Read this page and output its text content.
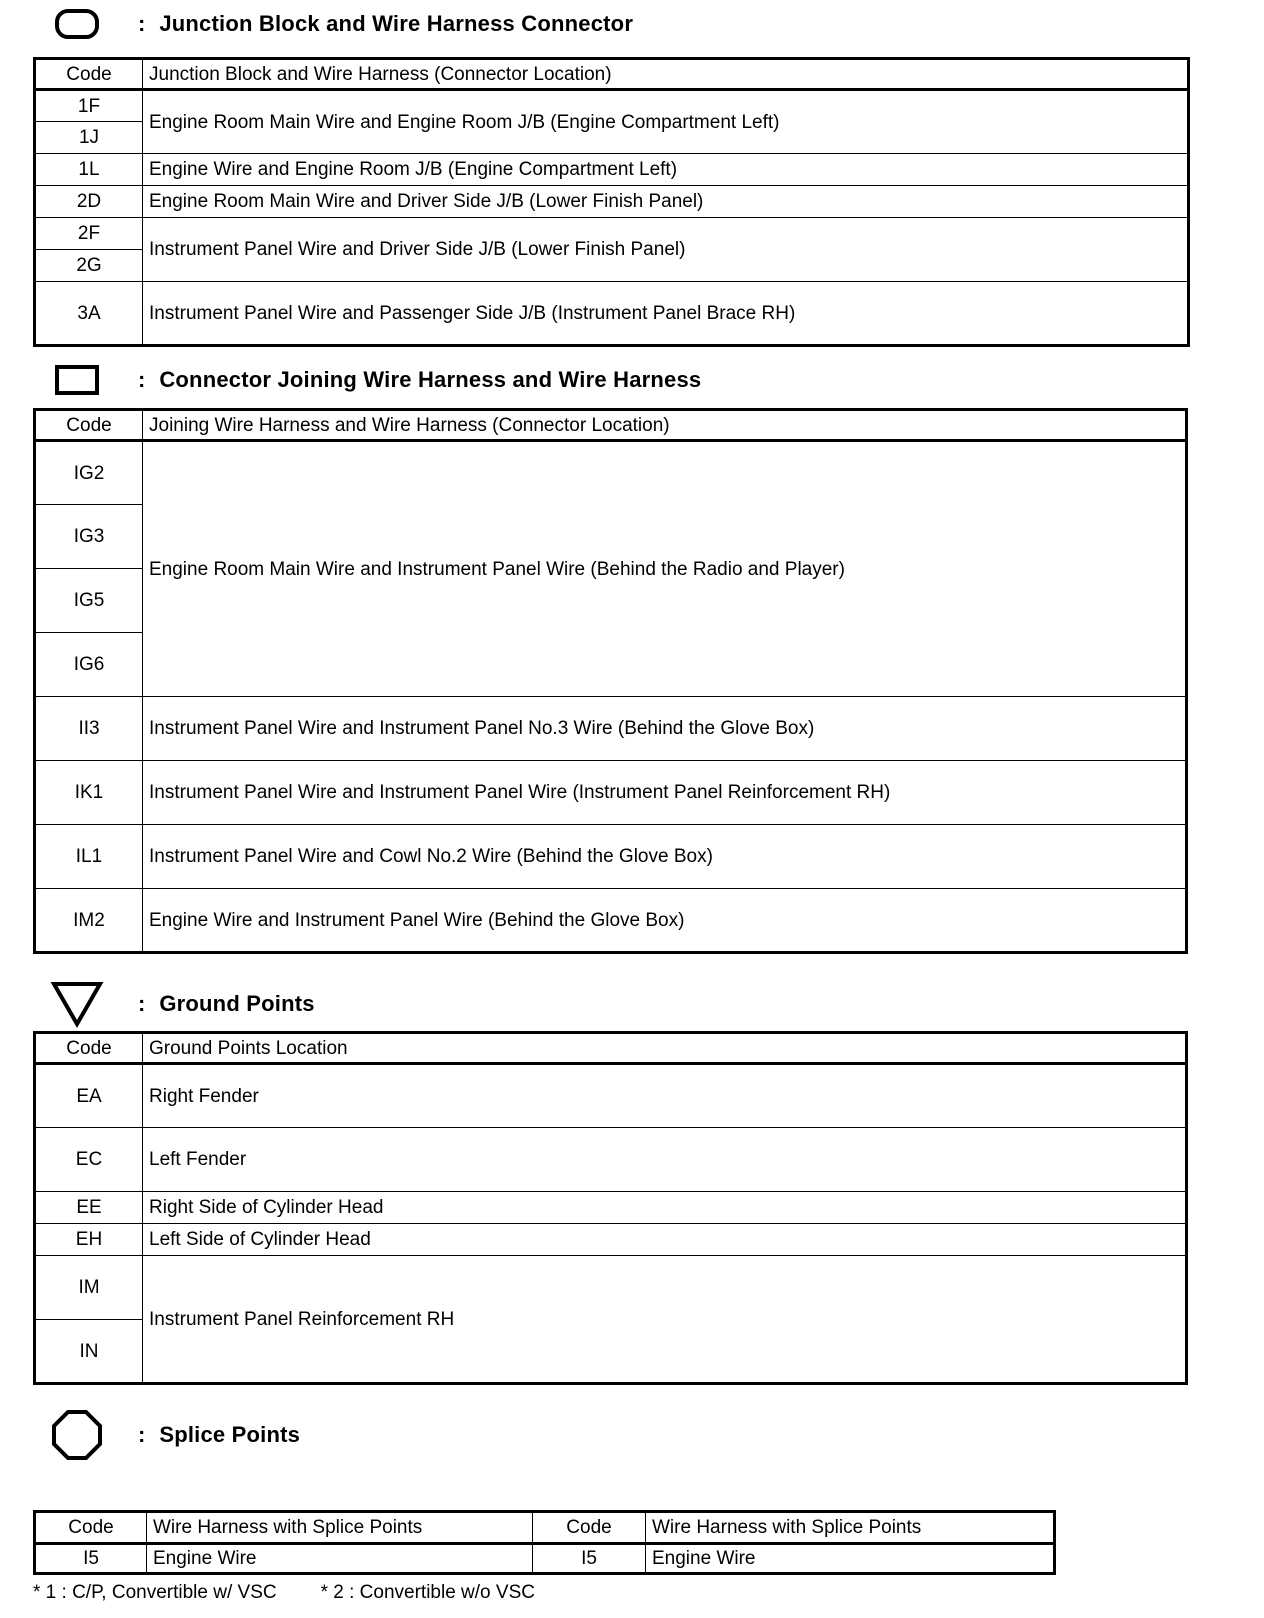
: Junction Block and Wire Harness Connector
Code	Junction Block and Wire Harness (Connector Location)
1F	Engine Room Main Wire and Engine Room J/B (Engine Compartment Left)
1J	
1L	Engine Wire and Engine Room J/B (Engine Compartment Left)
2D	Engine Room Main Wire and Driver Side J/B (Lower Finish Panel)
2F	Instrument Panel Wire and Driver Side J/B (Lower Finish Panel)
2G	
3A	Instrument Panel Wire and Passenger Side J/B (Instrument Panel Brace RH)
: Connector Joining Wire Harness and Wire Harness
Code	Joining Wire Harness and Wire Harness (Connector Location)
IG2	Engine Room Main Wire and Instrument Panel Wire (Behind the Radio and Player)
IG3	
IG5	
IG6	
II3	Instrument Panel Wire and Instrument Panel No.3 Wire (Behind the Glove Box)
IK1	Instrument Panel Wire and Instrument Panel Wire (Instrument Panel Reinforcement RH)
IL1	Instrument Panel Wire and Cowl No.2 Wire (Behind the Glove Box)
IM2	Engine Wire and Instrument Panel Wire (Behind the Glove Box)
: Ground Points
Code	Ground Points Location
EA	Right Fender
EC	Left Fender
EE	Right Side of Cylinder Head
EH	Left Side of Cylinder Head
IM	Instrument Panel Reinforcement RH
IN	
: Splice Points
Code	Wire Harness with Splice Points	Code	Wire Harness with Splice Points
I5	Engine Wire	I5	Engine Wire
* 1 : C/P, Convertible w/ VSC * 2 : Convertible w/o VSC
